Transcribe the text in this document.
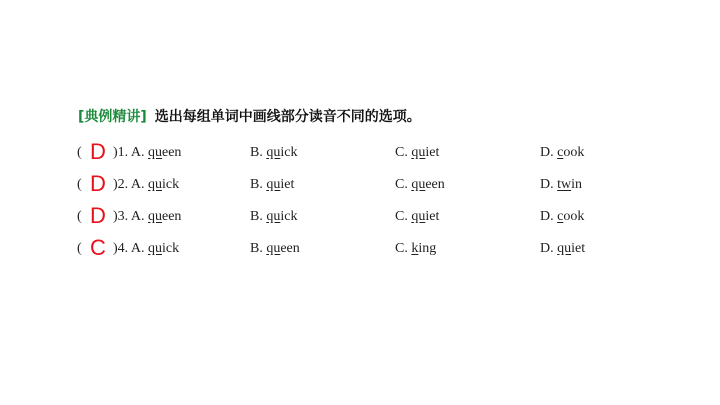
[典例精讲] 选出每组单词中画线部分读音不同的选项。
( D )1. A. queen	B. quick	C. quiet	D. cook
( D )2. A. quick	B. quiet	C. queen	D. twin
( D )3. A. queen	B. quick	C. quiet	D. cook
( C )4. A. quick	B. queen	C. king	D. quiet
